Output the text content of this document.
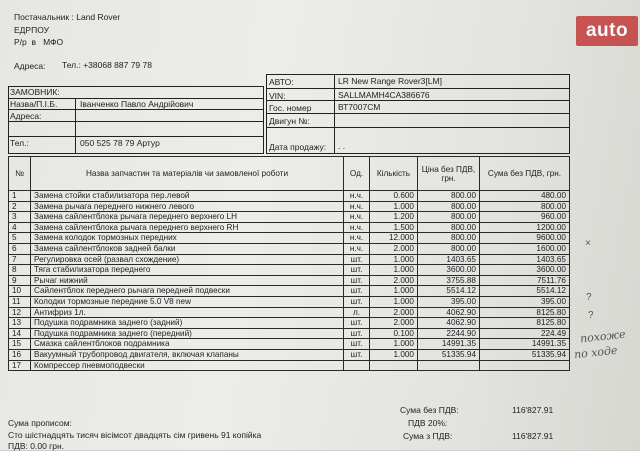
auto
Постачальник : Land Rover
ЕДРПОУ
Р/р в МФО
Адреса: Тел.: +38068 887 79 78
ЗАМОВНИК:
Назва/П.І.Б.	Іванченко Павло Андрійович
Адреса:
Тел.:	050 525 78 79 Артур
АВТО:	LR New Range Rover3[LM]
VIN:	SALLMAMH4CA386676
Гос. номер	ВТ7007СМ
Двигун №:
Дата продажу: . .
№	Назва запчастин та матеріалів чи замовленої роботи	Од.	Кількість	Ціна без ПДВ, грн.	Сума без ПДВ, грн.
1	Замена стойки стабилизатора пер.левой	н.ч.	0.600	800.00	480.00
2	Замена рычага переднего нижнего левого	н.ч.	1.000	800.00	800.00
3	Замена сайлентблока рычага переднего верхнего LH	н.ч.	1.200	800.00	960.00
4	Замена сайлентблока рычага переднего верхнего RH	н.ч.	1.500	800.00	1200.00
5	Замена колодок тормозных передних	н.ч.	12.000	800.00	9600.00
6	Замена сайлентблоков задней балки	н.ч.	2.000	800.00	1600.00
7	Регулировка осей (развал схождение)	шт.	1.000	1403.65	1403.65
8	Тяга стабилизатора переднего	шт.	1.000	3600.00	3600.00
9	Рычаг нижний	шт.	2.000	3755.88	7511.76
10	Сайлентблок переднего рычага передней подвески	шт.	1.000	5514.12	5514.12
11	Колодки тормозные передние 5.0 V8 new	шт.	1.000	395.00	395.00
12	Антифриз 1л.	л.	2.000	4062.90	8125.80
13	Подушка подрамника заднего (задний)	шт.	2.000	4062.90	8125.80
14	Подушка подрамника заднего (передний)	шт.	0.100	2244.90	224.49
15	Смазка сайлентблоков подрамника	шт.	1.000	14991.35	14991.35
16	Вакуумный трубопровод двигателя, включая клапаны	шт.	1.000	51335.94	51335.94
17	Компрессер пневмоподвески				
Сума без ПДВ:	116'827.91
ПДВ 20%:
Сума з ПДВ:	116'827.91
Сума прописом:
Сто шістнадцять тисяч вісімсот двадцять сім гривень 91 копійка
ПДВ: 0.00 грн.
×
?
?
похоже
по ходе
